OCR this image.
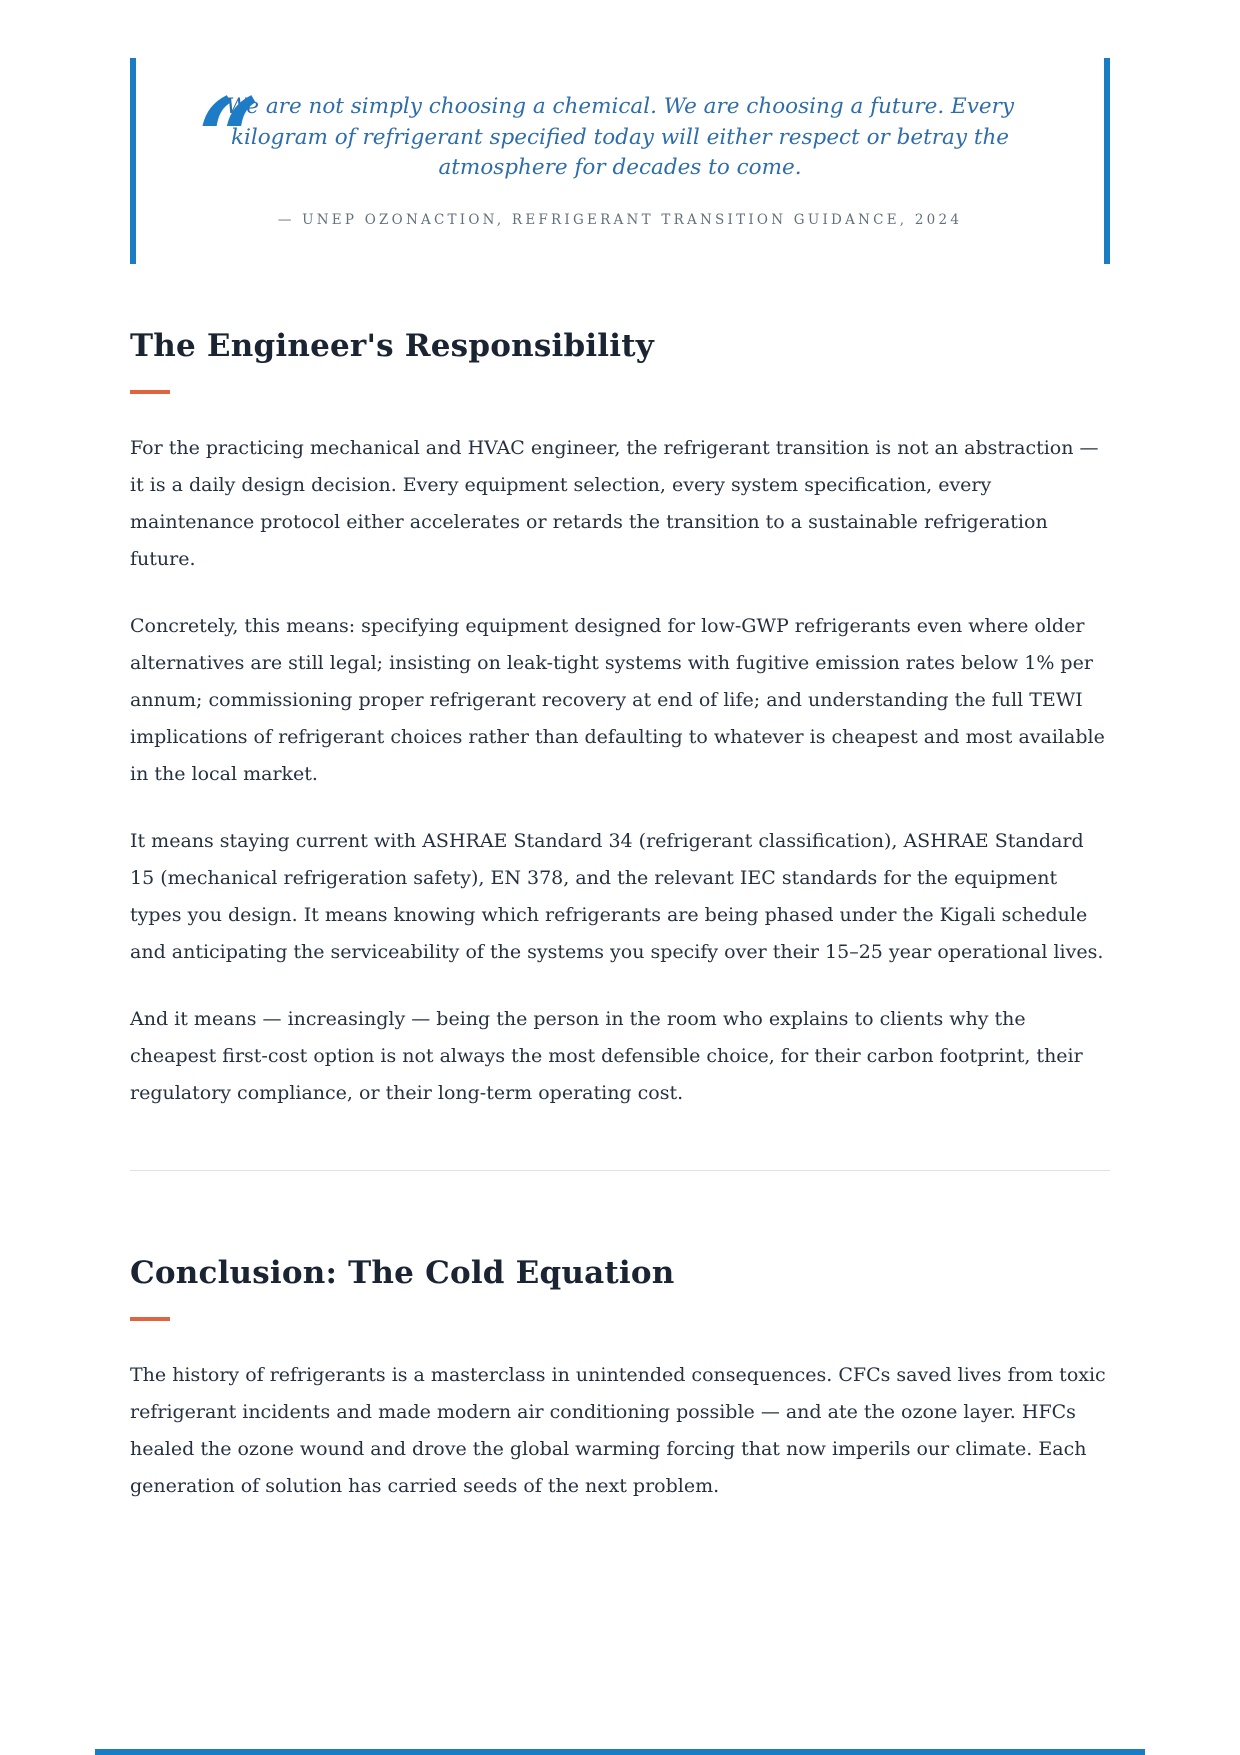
“
We are not simply choosing a chemical. We are choosing a future. Every kilogram of refrigerant specified today will either respect or betray the atmosphere for decades to come.
— UNEP OZONACTION, REFRIGERANT TRANSITION GUIDANCE, 2024
The Engineer's Responsibility

For the practicing mechanical and HVAC engineer, the refrigerant transition is not an abstraction — it is a daily design decision. Every equipment selection, every system specification, every maintenance protocol either accelerates or retards the transition to a sustainable refrigeration future.

Concretely, this means: specifying equipment designed for low-GWP refrigerants even where older alternatives are still legal; insisting on leak-tight systems with fugitive emission rates below 1% per annum; commissioning proper refrigerant recovery at end of life; and understanding the full TEWI implications of refrigerant choices rather than defaulting to whatever is cheapest and most available in the local market.

It means staying current with ASHRAE Standard 34 (refrigerant classification), ASHRAE Standard 15 (mechanical refrigeration safety), EN 378, and the relevant IEC standards for the equipment types you design. It means knowing which refrigerants are being phased under the Kigali schedule and anticipating the serviceability of the systems you specify over their 15–25 year operational lives.

And it means — increasingly — being the person in the room who explains to clients why the cheapest first-cost option is not always the most defensible choice, for their carbon footprint, their regulatory compliance, or their long-term operating cost.

Conclusion: The Cold Equation

The history of refrigerants is a masterclass in unintended consequences. CFCs saved lives from toxic refrigerant incidents and made modern air conditioning possible — and ate the ozone layer. HFCs healed the ozone wound and drove the global warming forcing that now imperils our climate. Each generation of solution has carried seeds of the next problem.
